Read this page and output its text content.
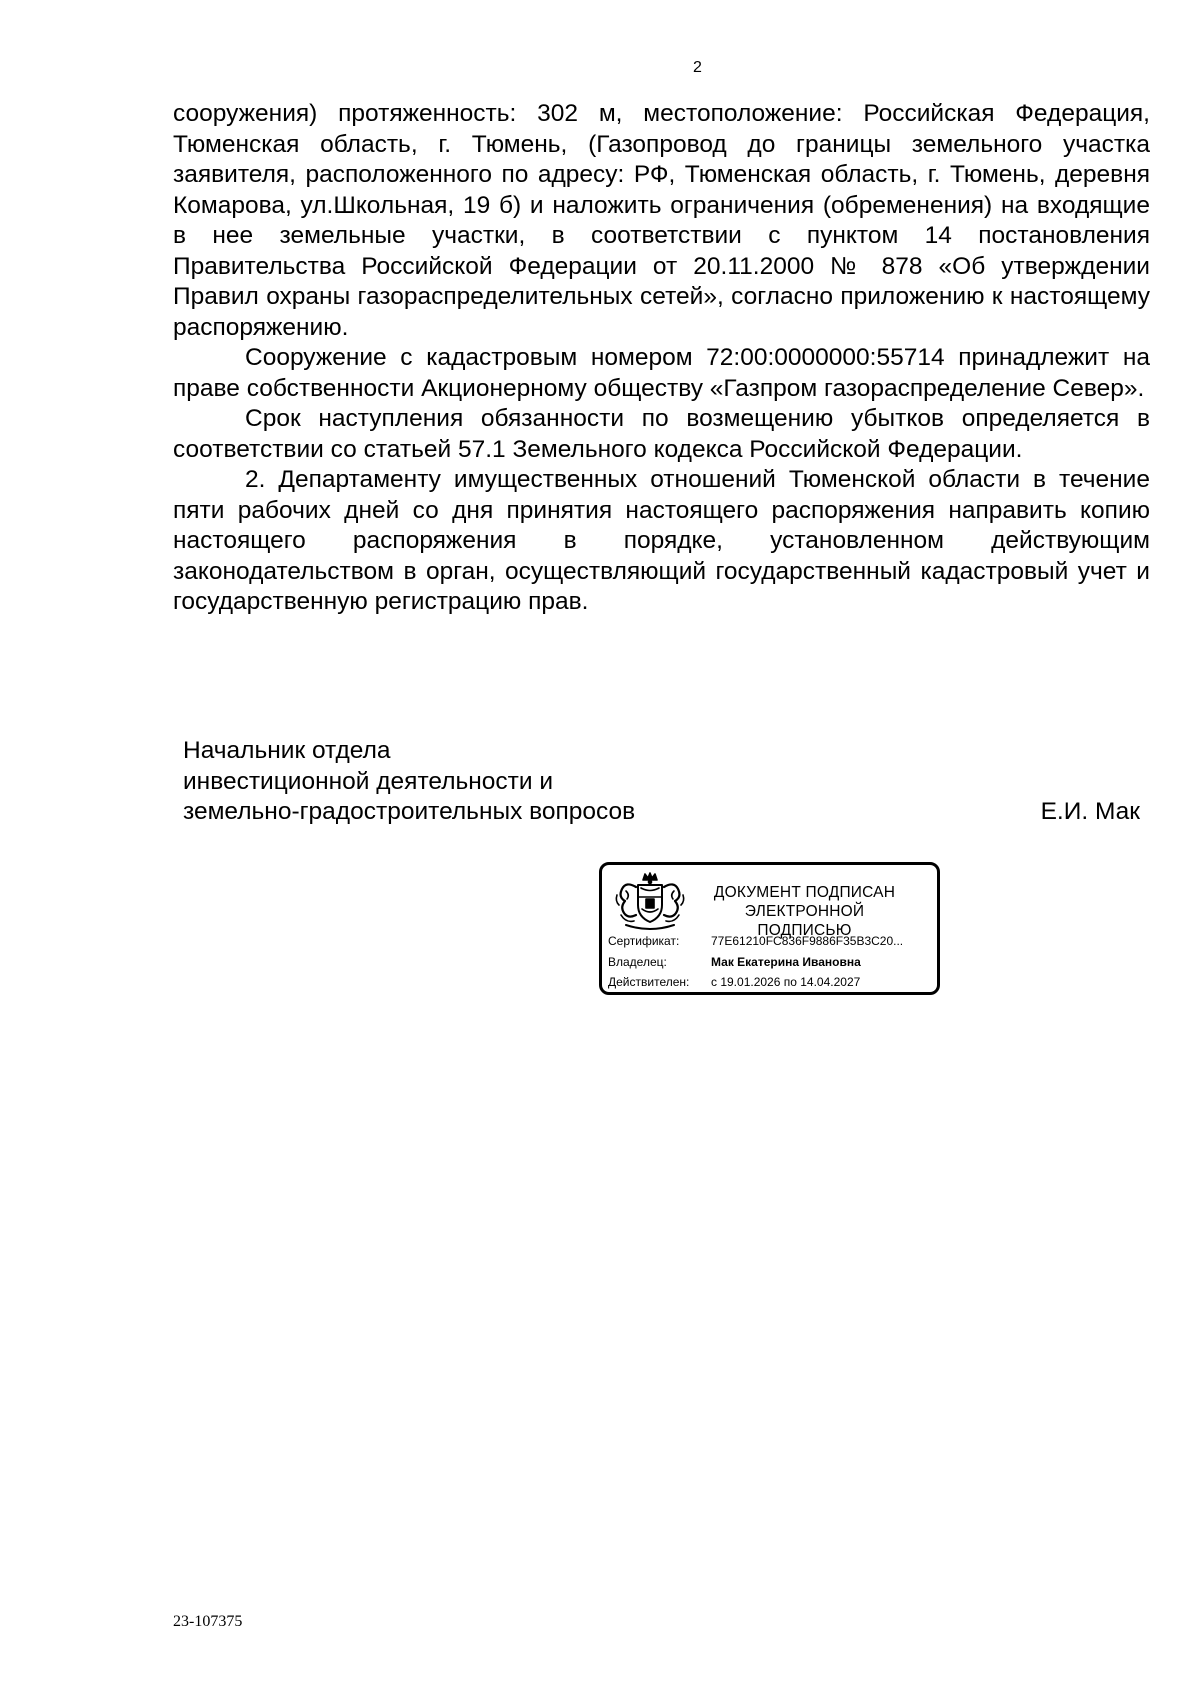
2

сооружения) протяженность: 302 м, местоположение: Российская Федерация, Тюменская область, г. Тюмень, (Газопровод до границы земельного участка заявителя, расположенного по адресу: РФ, Тюменская область, г. Тюмень, деревня Комарова, ул.Школьная, 19 б) и наложить ограничения (обременения) на входящие в нее земельные участки, в соответствии с пунктом 14 постановления Правительства Российской Федерации от 20.11.2000 № 878 «Об утверждении Правил охраны газораспределительных сетей», согласно приложению к настоящему распоряжению.

Сооружение с кадастровым номером 72:00:0000000:55714 принадлежит на праве собственности Акционерному обществу «Газпром газораспределение Север».

Срок наступления обязанности по возмещению убытков определяется в соответствии со статьей 57.1 Земельного кодекса Российской Федерации.

2. Департаменту имущественных отношений Тюменской области в течение пяти рабочих дней со дня принятия настоящего распоряжения направить копию настоящего распоряжения в порядке, установленном действующим законодательством в орган, осуществляющий государственный кадастровый учет и государственную регистрацию прав.

Начальник отдела
инвестиционной деятельности и
земельно-градостроительных вопросов	Е.И. Мак
ДОКУМЕНТ ПОДПИСАН
ЭЛЕКТРОННОЙ ПОДПИСЬЮ
Сертификат:	77E61210FC836F9886F35B3C20...
Владелец:	Мак Екатерина Ивановна
Действителен:	с 19.01.2026 по 14.04.2027
23-107375
